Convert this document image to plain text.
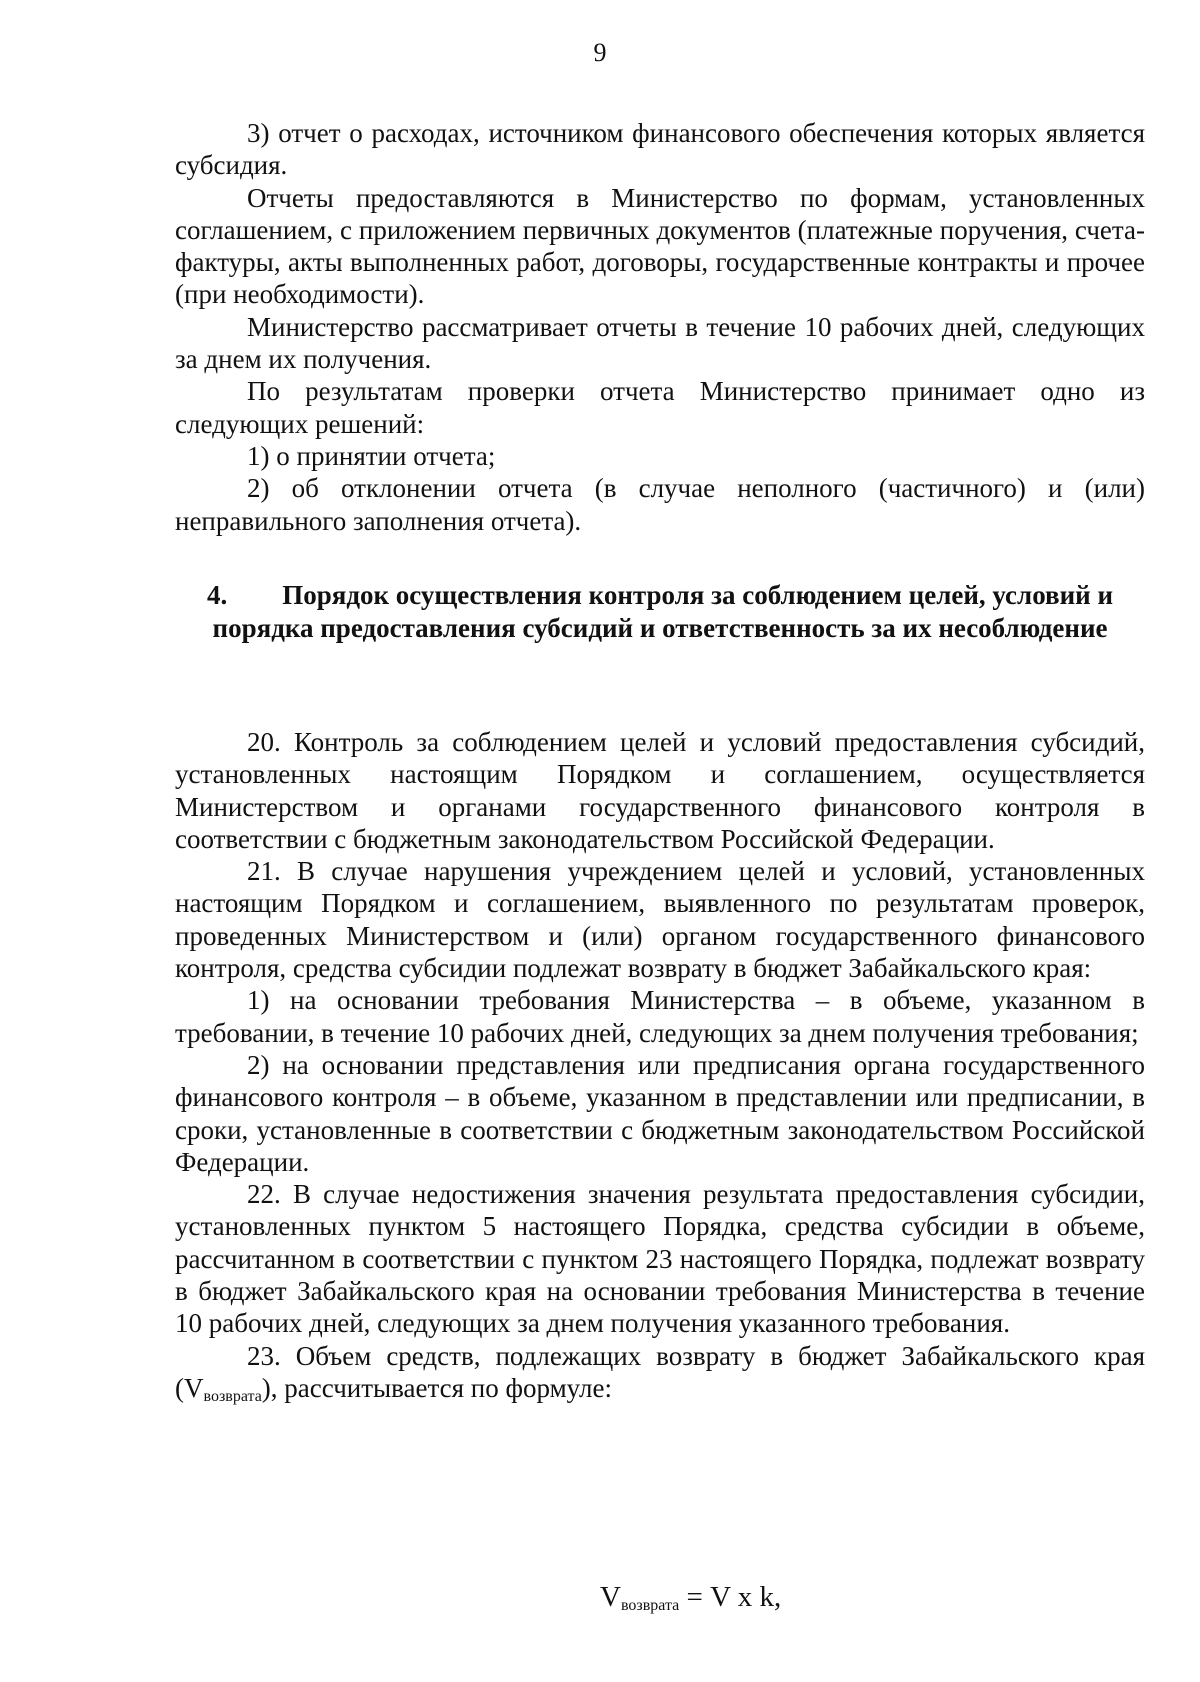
9

3) отчет о расходах, источником финансового обеспечения которых является субсидия.

Отчеты предоставляются в Министерство по формам, установленных соглашением, с приложением первичных документов (платежные поручения, счета-фактуры, акты выполненных работ, договоры, государственные контракты и прочее (при необходимости).

Министерство рассматривает отчеты в течение 10 рабочих дней, следующих за днем их получения.

По результатам проверки отчета Министерство принимает одно из следующих решений:

1) о принятии отчета;

2) об отклонении отчета (в случае неполного (частичного) и (или) неправильного заполнения отчета).

4. Порядок осуществления контроля за соблюдением целей, условий и порядка предоставления субсидий и ответственность за их несоблюдение

20. Контроль за соблюдением целей и условий предоставления субсидий, установленных настоящим Порядком и соглашением, осуществляется Министерством и органами государственного финансового контроля в соответствии с бюджетным законодательством Российской Федерации.

21. В случае нарушения учреждением целей и условий, установленных настоящим Порядком и соглашением, выявленного по результатам проверок, проведенных Министерством и (или) органом государственного финансового контроля, средства субсидии подлежат возврату в бюджет Забайкальского края:

1) на основании требования Министерства – в объеме, указанном в требовании, в течение 10 рабочих дней, следующих за днем получения требования;

2) на основании представления или предписания органа государственного финансового контроля – в объеме, указанном в представлении или предписании, в сроки, установленные в соответствии с бюджетным законодательством Российской Федерации.

22. В случае недостижения значения результата предоставления субсидии, установленных пунктом 5 настоящего Порядка, средства субсидии в объеме, рассчитанном в соответствии с пунктом 23 настоящего Порядка, подлежат возврату в бюджет Забайкальского края на основании требования Министерства в течение 10 рабочих дней, следующих за днем получения указанного требования.

23. Объем средств, подлежащих возврату в бюджет Забайкальского края $(V_{возврата})$, рассчитывается по формуле:

$V_{возврата} = V$ x k,
